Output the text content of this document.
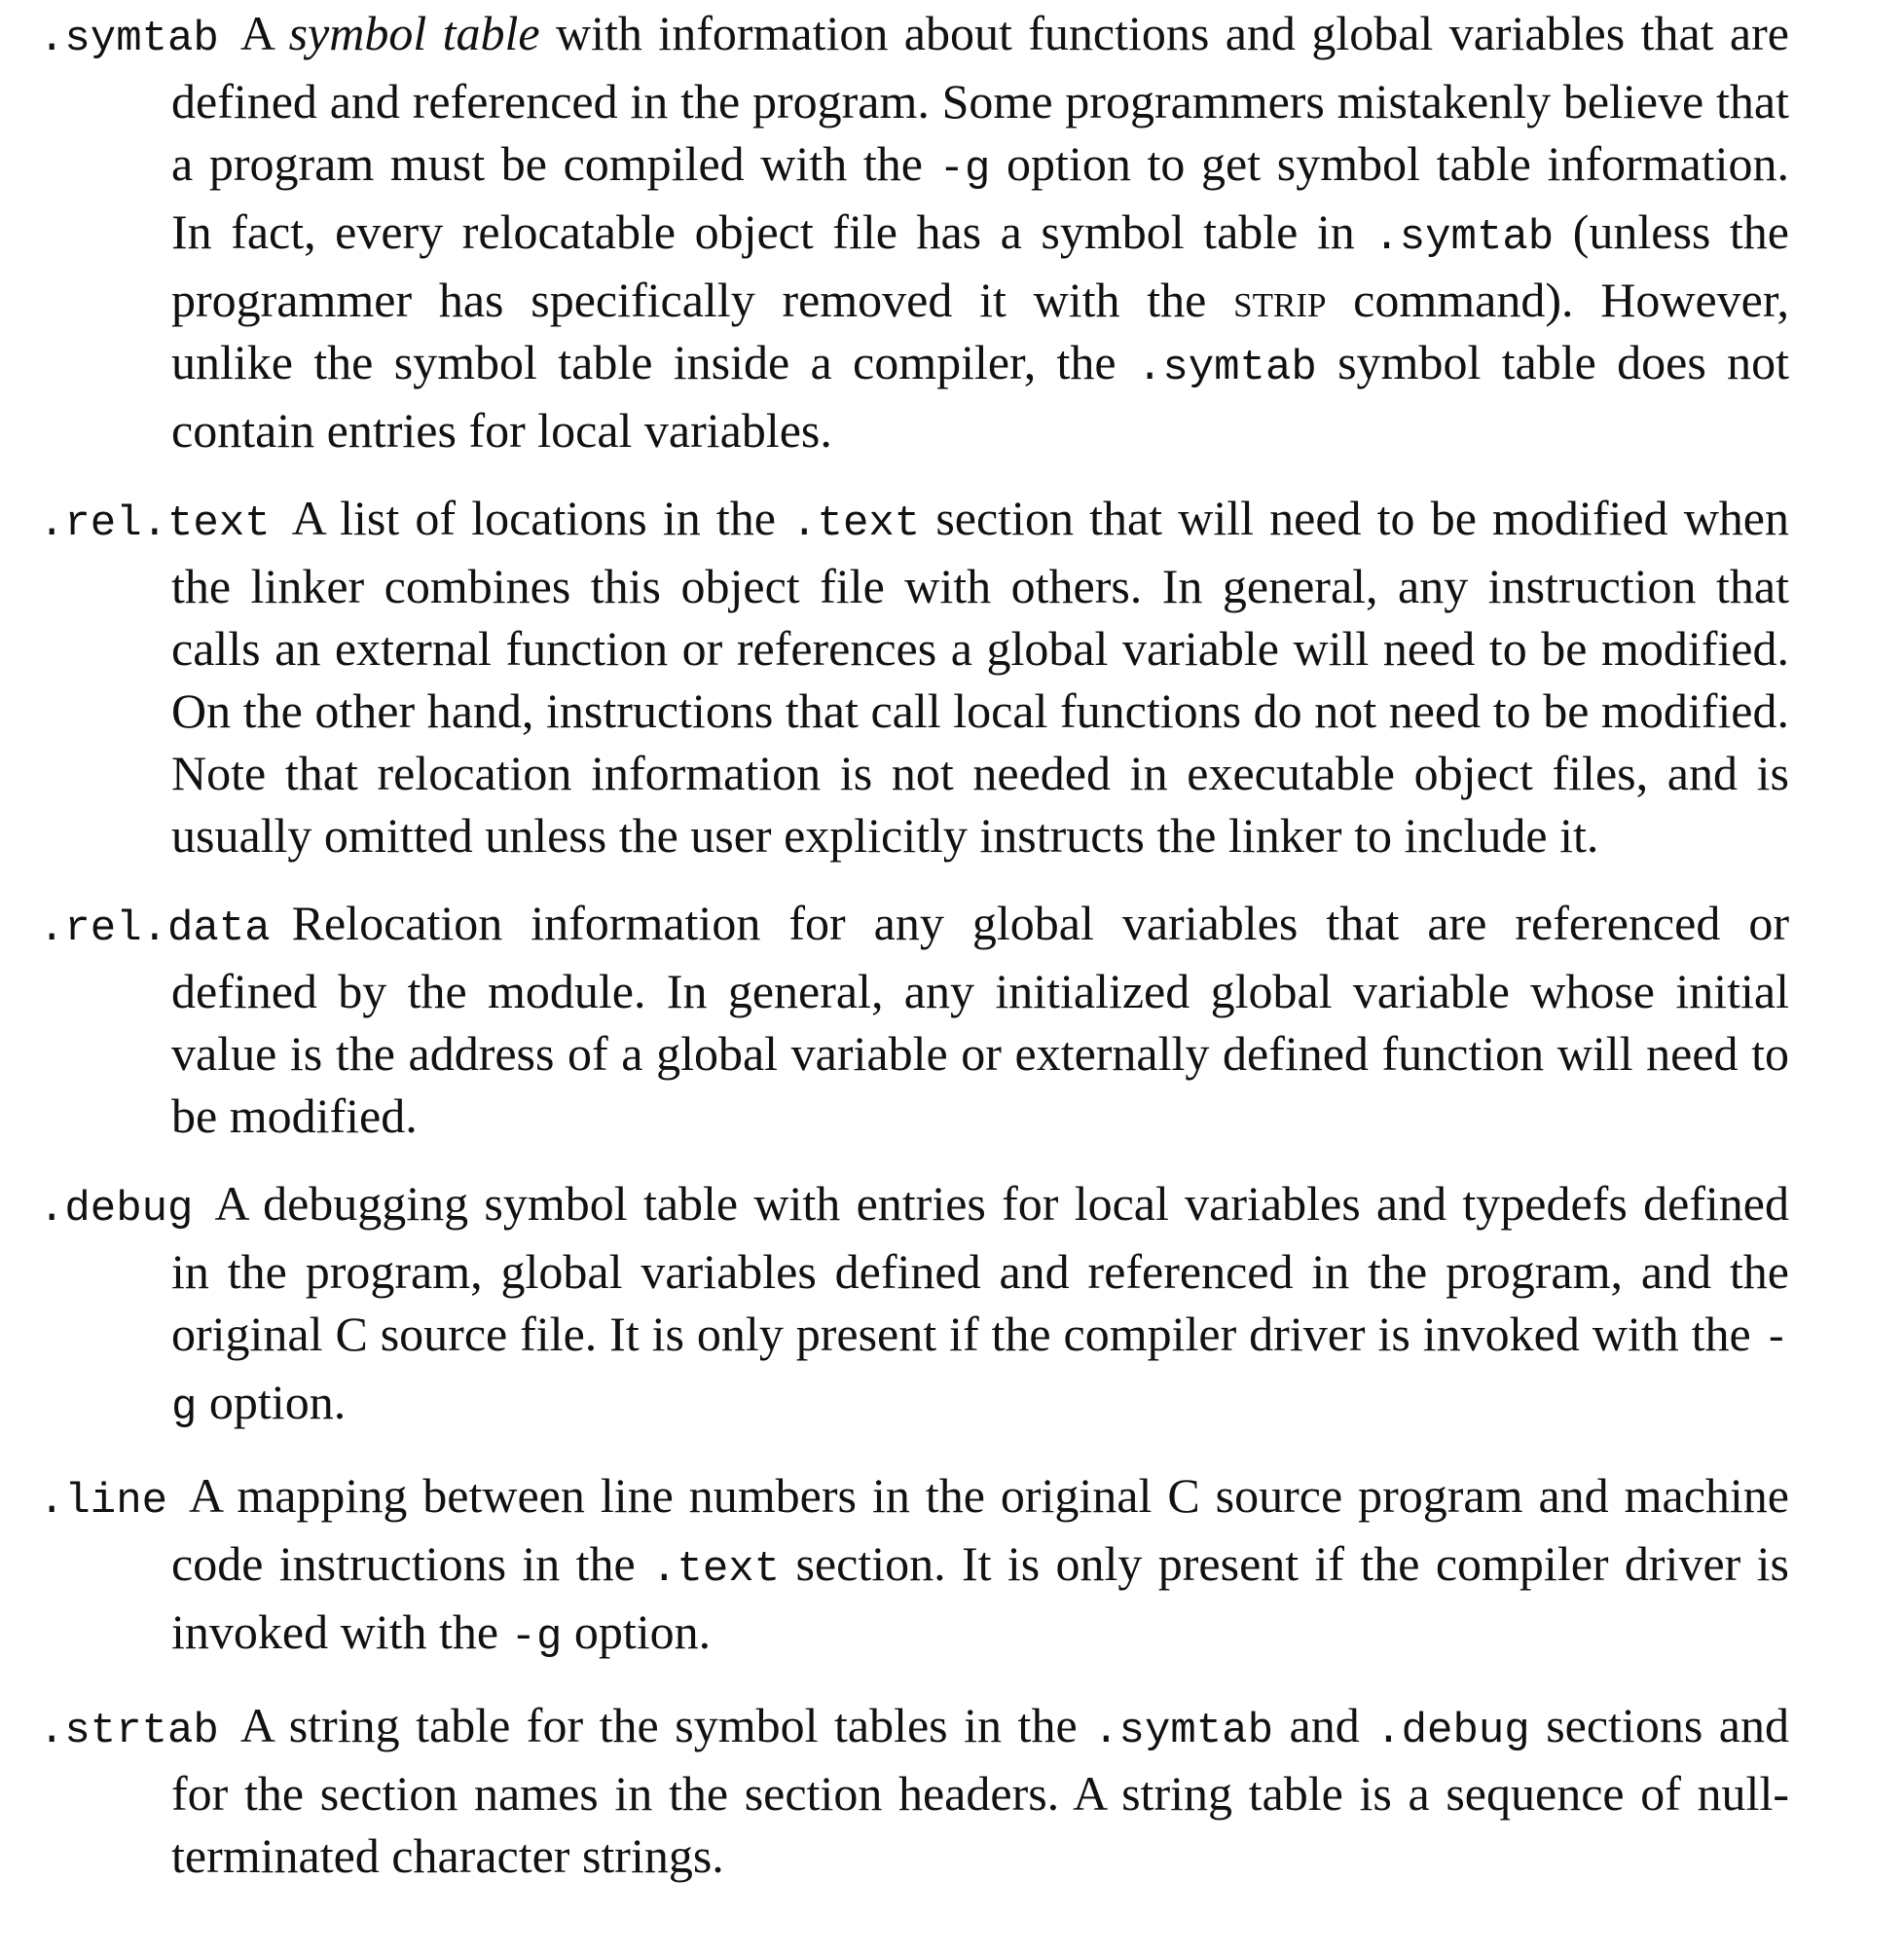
.symtab A symbol table with information about functions and global variables that are defined and referenced in the program. Some programmers mistakenly believe that a program must be compiled with the -g option to get symbol table information. In fact, every relocatable object file has a symbol table in .symtab (unless the programmer has specifically removed it with the strip command). However, unlike the symbol table inside a compiler, the .symtab symbol table does not contain entries for local variables.

.rel.text A list of locations in the .text section that will need to be modified when the linker combines this object file with others. In general, any instruction that calls an external function or references a global variable will need to be modified. On the other hand, instructions that call local functions do not need to be modified. Note that relocation information is not needed in executable object files, and is usually omitted unless the user explicitly instructs the linker to include it.

.rel.data Relocation information for any global variables that are referenced or defined by the module. In general, any initialized global variable whose initial value is the address of a global variable or externally defined function will need to be modified.

.debug A debugging symbol table with entries for local variables and typedefs defined in the program, global variables defined and referenced in the program, and the original C source file. It is only present if the compiler driver is invoked with the -g option.

.line A mapping between line numbers in the original C source program and machine code instructions in the .text section. It is only present if the compiler driver is invoked with the -g option.

.strtab A string table for the symbol tables in the .symtab and .debug sections and for the section names in the section headers. A string table is a sequence of null-terminated character strings.
